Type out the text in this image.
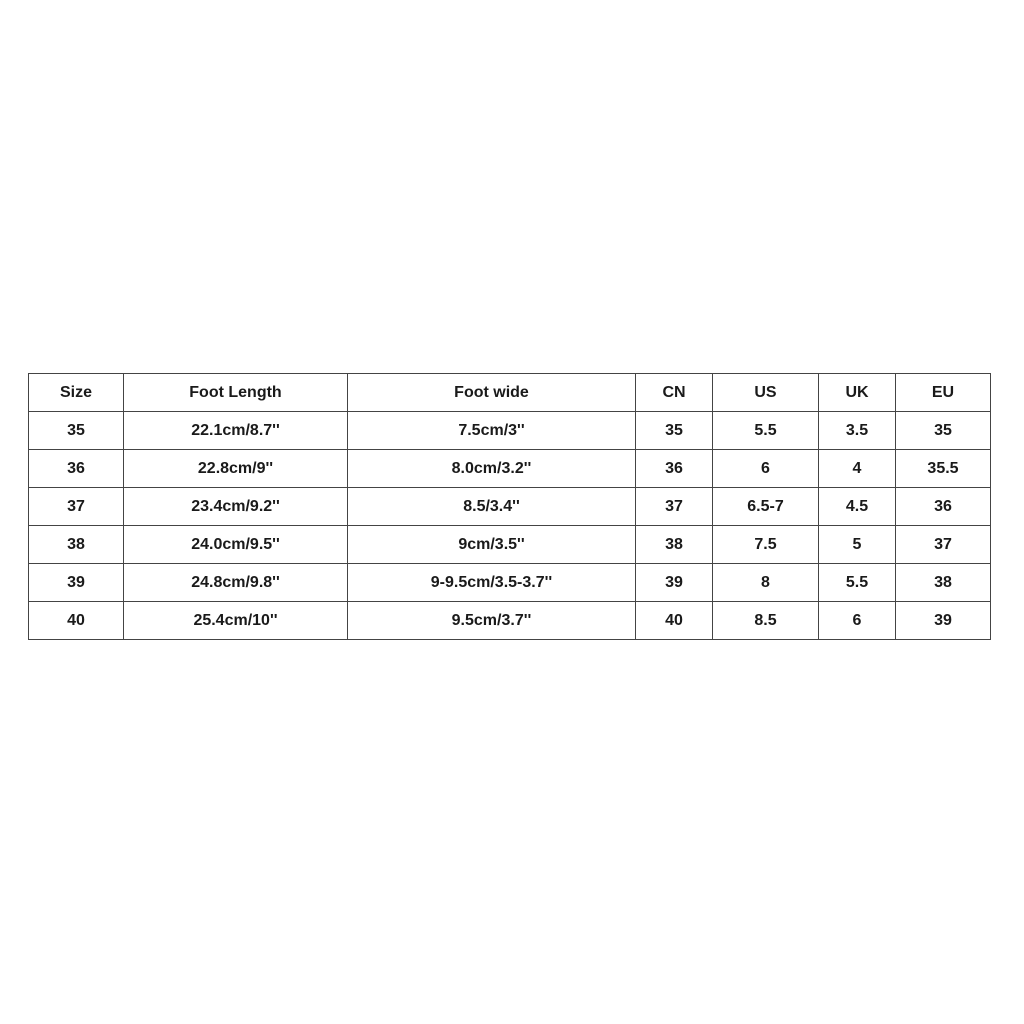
Size	Foot Length	Foot wide	CN	US	UK	EU
35	22.1cm/8.7''	7.5cm/3''	35	5.5	3.5	35
36	22.8cm/9''	8.0cm/3.2''	36	6	4	35.5
37	23.4cm/9.2''	8.5/3.4''	37	6.5-7	4.5	36
38	24.0cm/9.5''	9cm/3.5''	38	7.5	5	37
39	24.8cm/9.8''	9-9.5cm/3.5-3.7''	39	8	5.5	38
40	25.4cm/10''	9.5cm/3.7''	40	8.5	6	39
